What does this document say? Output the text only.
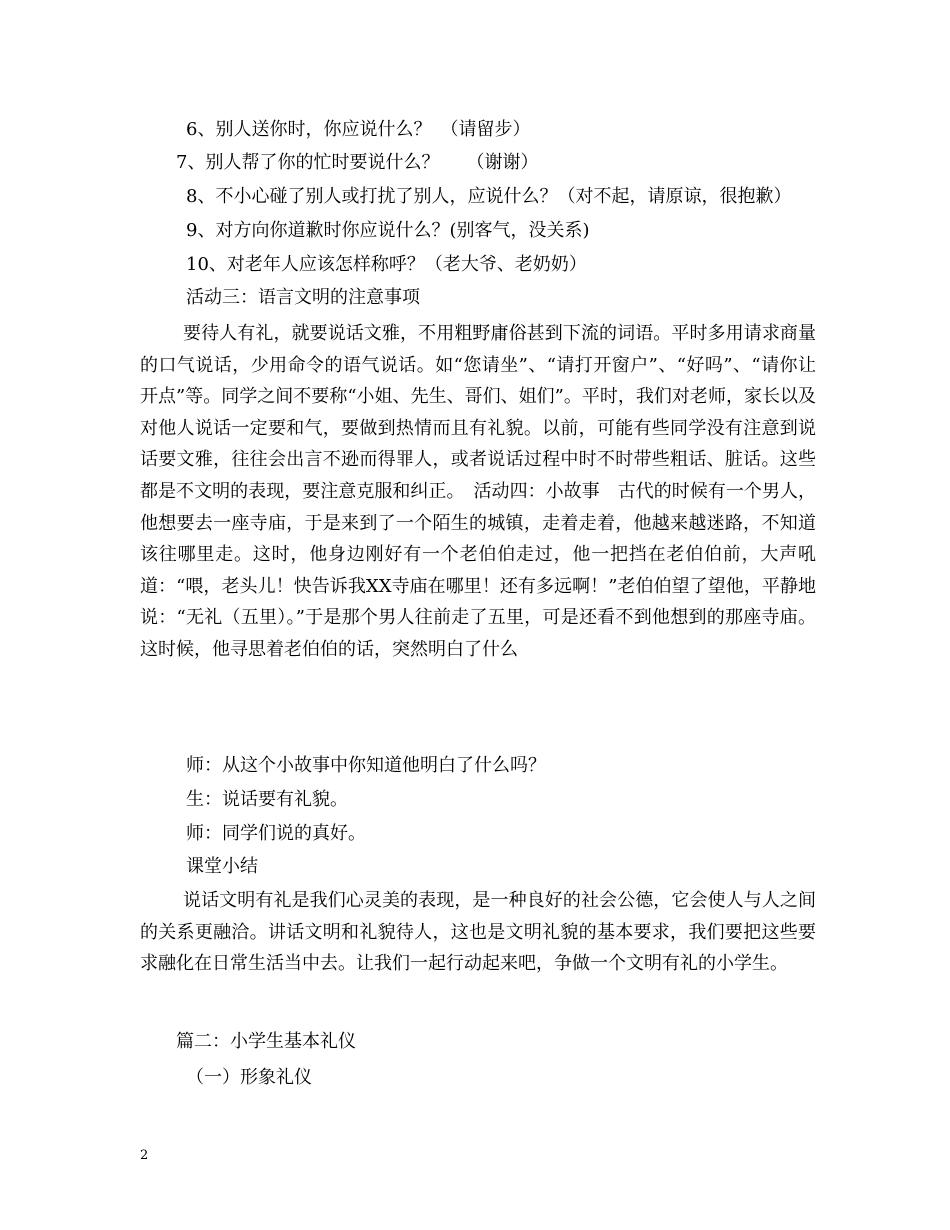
6、别人送你时，你应说什么？　（请留步）
7、别人帮了你的忙时要说什么？　　（谢谢）
8、不小心碰了别人或打扰了别人，应说什么？（对不起，请原谅，很抱歉）
9、对方向你道歉时你应说什么？(别客气，没关系)
10、对老年人应该怎样称呼？（老大爷、老奶奶）
活动三：语言文明的注意事项
要待人有礼，就要说话文雅，不用粗野庸俗甚到下流的词语。平时多用请求商量的口气说话，少用命令的语气说话。如“您请坐”、“请打开窗户”、“好吗”、“请你让开点”等。同学之间不要称“小姐、先生、哥们、姐们”。平时，我们对老师，家长以及对他人说话一定要和气，要做到热情而且有礼貌。以前，可能有些同学没有注意到说话要文雅，往往会出言不逊而得罪人，或者说话过程中时不时带些粗话、脏话。这些都是不文明的表现，要注意克服和纠正。　活动四：小故事　古代的时候有一个男人，他想要去一座寺庙，于是来到了一个陌生的城镇，走着走着，他越来越迷路，不知道该往哪里走。这时，他身边刚好有一个老伯伯走过，他一把挡在老伯伯前，大声吼道：“喂，老头儿！快告诉我XX寺庙在哪里！还有多远啊！”老伯伯望了望他，平静地说：“无礼（五里）。”于是那个男人往前走了五里，可是还看不到他想到的那座寺庙。这时候，他寻思着老伯伯的话，突然明白了什么
师：从这个小故事中你知道他明白了什么吗？
生：说话要有礼貌。
师：同学们说的真好。
课堂小结
说话文明有礼是我们心灵美的表现，是一种良好的社会公德，它会使人与人之间的关系更融洽。讲话文明和礼貌待人，这也是文明礼貌的基本要求，我们要把这些要求融化在日常生活当中去。让我们一起行动起来吧，争做一个文明有礼的小学生。
篇二：小学生基本礼仪
（一）形象礼仪
2
